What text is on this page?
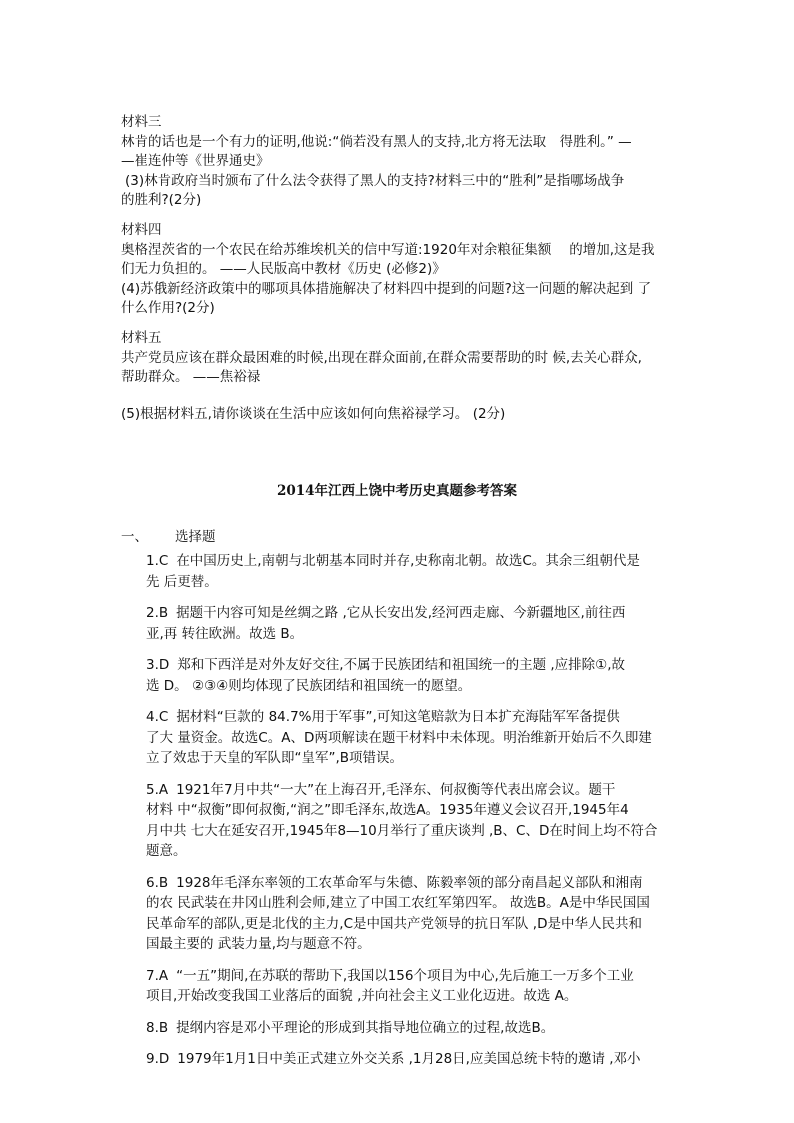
材料三

林肯的话也是一个有力的证明,他说:“倘若没有黑人的支持,北方将无法取　得胜利。” —

—崔连仲等《世界通史》

(3)林肯政府当时颁布了什么法令获得了黑人的支持?材料三中的“胜利”是指哪场战争

的胜利?(2分)

材料四

奥格涅茨省的一个农民在给苏维埃机关的信中写道:1920年对余粮征集额　 的增加,这是我

们无力负担的。 ——人民版高中教材《历史 (必修2)》

(4)苏俄新经济政策中的哪项具体措施解决了材料四中提到的问题?这一问题的解决起到 了

什么作用?(2分)

材料五

共产党员应该在群众最困难的时候,出现在群众面前,在群众需要帮助的时 候,去关心群众,

帮助群众。 ——焦裕禄

(5)根据材料五,请你谈谈在生活中应该如何向焦裕禄学习。 (2分)

2014年江西上饶中考历史真题参考答案

一、 选择题

1.C 在中国历史上,南朝与北朝基本同时并存,史称南北朝。故选C。其余三组朝代是
先 后更替。
2.B 据题干内容可知是丝绸之路 ,它从长安出发,经河西走廊、今新疆地区,前往西
亚,再 转往欧洲。故选 B。
3.D 郑和下西洋是对外友好交往,不属于民族团结和祖国统一的主题 ,应排除①,故
选 D。 ②③④则均体现了民族团结和祖国统一的愿望。
4.C 据材料“巨款的 84.7%用于军事”,可知这笔赔款为日本扩充海陆军军备提供
了大 量资金。故选C。A、D两项解读在题干材料中未体现。明治维新开始后不久即建
立了效忠于天皇的军队即“皇军”,B项错误。
5.A 1921年7月中共“一大”在上海召开,毛泽东、何叔衡等代表出席会议。题干
材料 中“叔衡”即何叔衡,“润之”即毛泽东,故选A。1935年遵义会议召开,1945年4
月中共 七大在延安召开,1945年8—10月举行了重庆谈判 ,B、C、D在时间上均不符合
题意。
6.B 1928年毛泽东率领的工农革命军与朱德、陈毅率领的部分南昌起义部队和湘南
的农 民武装在井冈山胜利会师,建立了中国工农红军第四军。 故选B。A是中华民国国
民革命军的部队,更是北伐的主力,C是中国共产党领导的抗日军队 ,D是中华人民共和
国最主要的 武装力量,均与题意不符。
7.A “一五”期间,在苏联的帮助下,我国以156个项目为中心,先后施工一万多个工业
项目,开始改变我国工业落后的面貌 ,并向社会主义工业化迈进。故选 A。
8.B 提纲内容是邓小平理论的形成到其指导地位确立的过程,故选B。
9.D 1979年1月1日中美正式建立外交关系 ,1月28日,应美国总统卡特的邀请 ,邓小
